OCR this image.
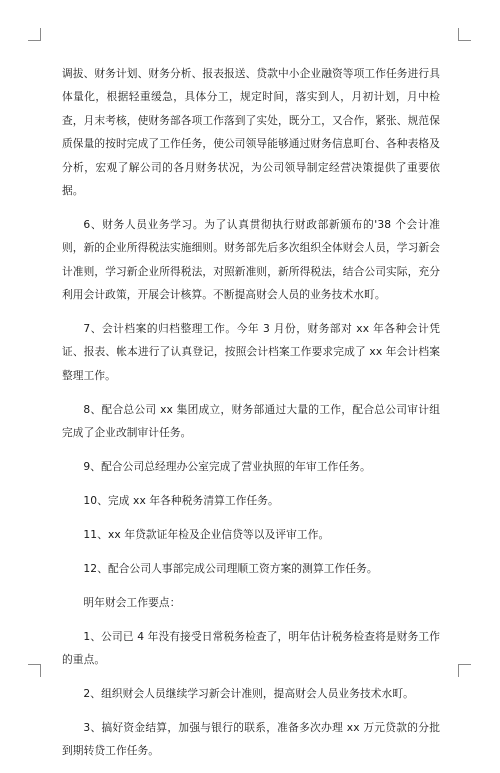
调拔、财务计划、财务分析、报表报送、贷款中小企业融资等项工作任务进行具体量化，根据轻重缓急，具体分工，规定时间，落实到人，月初计划，月中检查，月末考核，使财务部各项工作落到了实处，既分工，又合作，紧张、规范保质保量的按时完成了工作任务，使公司领导能够通过财务信息町台、各种表格及分析，宏观了解公司的各月财务状况，为公司领导制定经营决策提供了重要依据。

6、财务人员业务学习。为了认真贯彻执行财政部新颁布的'38 个会计准则，新的企业所得税法实施细则。财务部先后多次组织全体财会人员，学习新会计准则，学习新企业所得税法，对照新准则，新所得税法，结合公司实际，充分利用会计政策，开展会计核算。不断提高财会人员的业务技术水町。

7、会计档案的归档整理工作。今年 3 月份，财务部对 xx 年各种会计凭证、报表、帐本进行了认真登记，按照会计档案工作要求完成了 xx 年会计档案整理工作。

8、配合总公司 xx 集团成立，财务部通过大量的工作，配合总公司审计组完成了企业改制审计任务。

9、配合公司总经理办公室完成了营业执照的年审工作任务。

10、完成 xx 年各种税务清算工作任务。

11、xx 年贷款证年检及企业信贷等以及评审工作。

12、配合公司人事部完成公司理顺工资方案的测算工作任务。

明年财会工作要点：

1、公司已 4 年没有接受日常税务检查了，明年估计税务检查将是财务工作的重点。

2、组织财会人员继续学习新会计准则，提高财会人员业务技术水町。

3、搞好资金结算，加强与银行的联系，准备多次办理 xx 万元贷款的分批到期转贷工作任务。
